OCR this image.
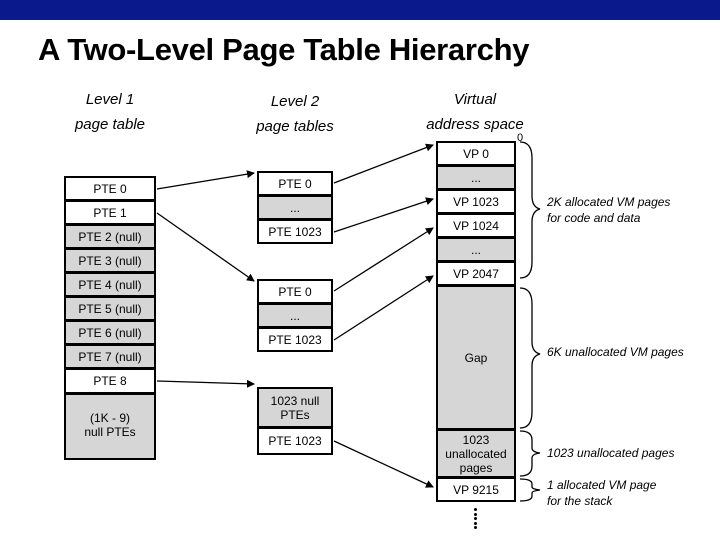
A Two-Level Page Table Hierarchy
Level 1
page table
Level 2
page tables
Virtual
address space
PTE 0
PTE 1
PTE 2 (null)
PTE 3 (null)
PTE 4 (null)
PTE 5 (null)
PTE 6 (null)
PTE 7 (null)
PTE 8
(1K - 9) null PTEs
PTE 0
...
PTE 1023
PTE 0
...
PTE 1023
1023 null PTEs
PTE 1023
VP 0
...
VP 1023
VP 1024
...
VP 2047
Gap
1023 unallocated pages
VP 9215
0
2K allocated VM pages
for code and data
6K unallocated VM pages
1023 unallocated pages
1 allocated VM page
for the stack
